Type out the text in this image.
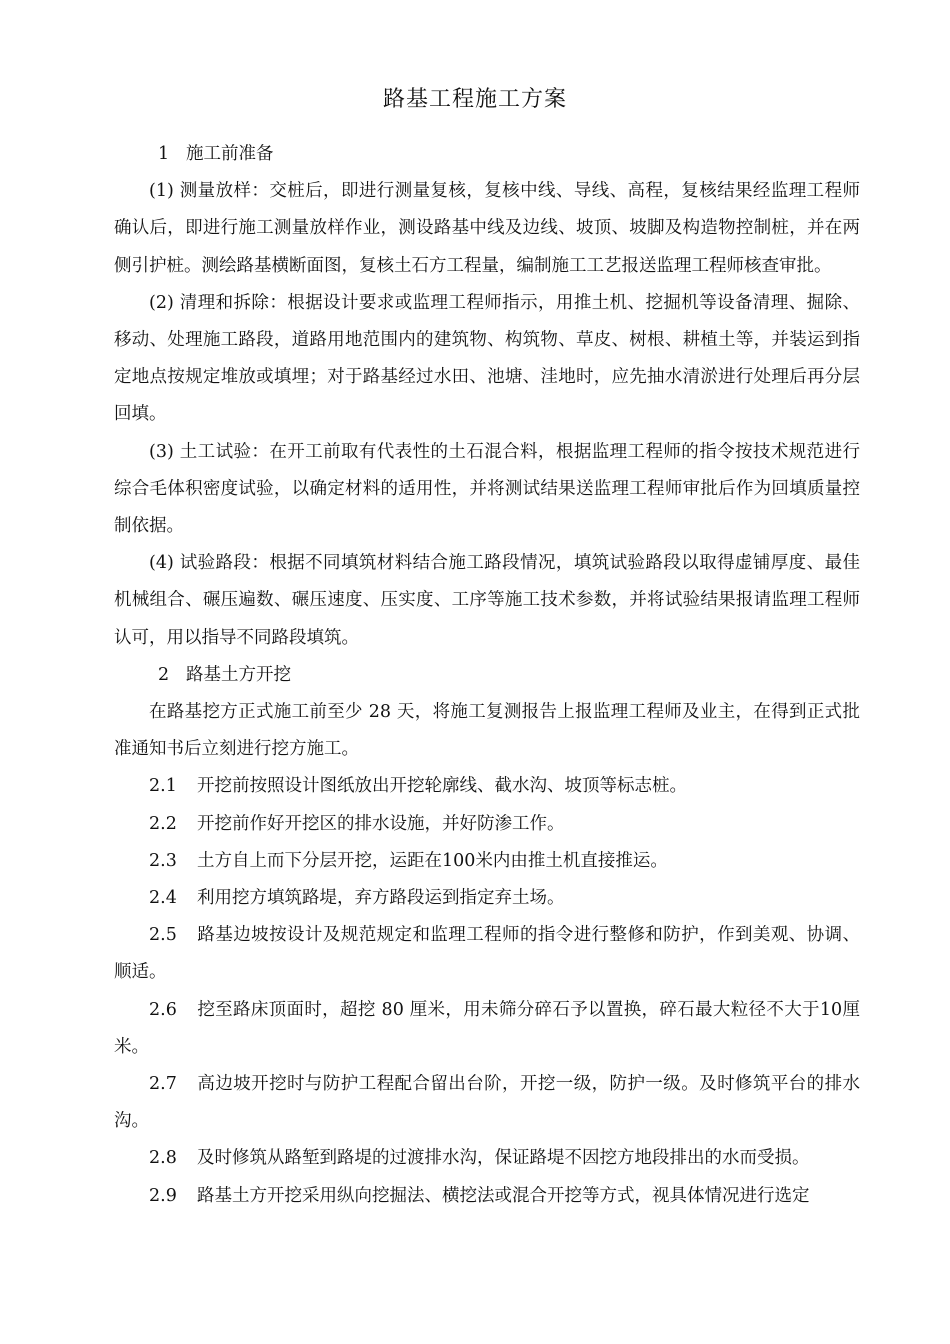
路基工程施工方案

1 施工前准备

(1) 测量放样：交桩后，即进行测量复核，复核中线、导线、高程，复核结果经监理工程师确认后，即进行施工测量放样作业，测设路基中线及边线、坡顶、坡脚及构造物控制桩，并在两侧引护桩。测绘路基横断面图，复核土石方工程量，编制施工工艺报送监理工程师核查审批。

(2) 清理和拆除：根据设计要求或监理工程师指示，用推土机、挖掘机等设备清理、掘除、移动、处理施工路段，道路用地范围内的建筑物、构筑物、草皮、树根、耕植土等，并装运到指定地点按规定堆放或填埋；对于路基经过水田、池塘、洼地时，应先抽水清淤进行处理后再分层回填。

(3) 土工试验：在开工前取有代表性的土石混合料，根据监理工程师的指令按技术规范进行综合毛体积密度试验，以确定材料的适用性，并将测试结果送监理工程师审批后作为回填质量控制依据。

(4) 试验路段：根据不同填筑材料结合施工路段情况，填筑试验路段以取得虚铺厚度、最佳机械组合、碾压遍数、碾压速度、压实度、工序等施工技术参数，并将试验结果报请监理工程师认可，用以指导不同路段填筑。

2 路基土方开挖

在路基挖方正式施工前至少 28 天，将施工复测报告上报监理工程师及业主，在得到正式批准通知书后立刻进行挖方施工。

2.1 开挖前按照设计图纸放出开挖轮廓线、截水沟、坡顶等标志桩。

2.2 开挖前作好开挖区的排水设施，并好防渗工作。

2.3 土方自上而下分层开挖，运距在100米内由推土机直接推运。

2.4 利用挖方填筑路堤，弃方路段运到指定弃土场。

2.5 路基边坡按设计及规范规定和监理工程师的指令进行整修和防护，作到美观、协调、顺适。

2.6 挖至路床顶面时，超挖 80 厘米，用未筛分碎石予以置换，碎石最大粒径不大于10厘米。

2.7 高边坡开挖时与防护工程配合留出台阶，开挖一级，防护一级。及时修筑平台的排水沟。

2.8 及时修筑从路堑到路堤的过渡排水沟，保证路堤不因挖方地段排出的水而受损。

2.9 路基土方开挖采用纵向挖掘法、横挖法或混合开挖等方式，视具体情况进行选定
